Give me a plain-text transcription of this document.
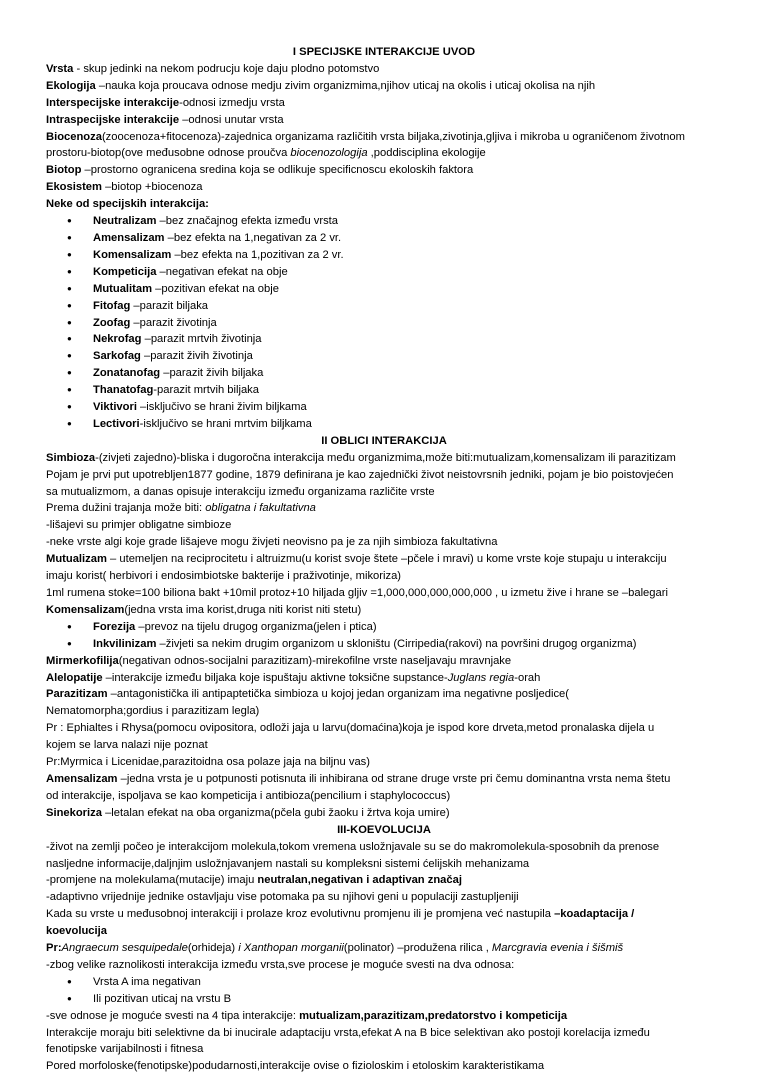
I SPECIJSKE INTERAKCIJE UVOD
Vrsta - skup jedinki na nekom podrucju koje daju plodno potomstvo
Ekologija –nauka koja proucava odnose medju zivim organizmima,njihov uticaj na okolis i uticaj okolisa na njih
Interspecijske interakcije-odnosi izmedju vrsta
Intraspecijske interakcije –odnosi unutar vrsta
Biocenoza(zoocenoza+fitocenoza)-zajednica organizama različitih vrsta biljaka,zivotinja,gljiva i mikroba u ograničenom životnom
prostoru-biotop(ove međusobne odnose proučva biocenozologija ,poddisciplina ekologije
Biotop –prostorno ogranicena sredina koja se odlikuje specificnoscu ekoloskih faktora
Ekosistem –biotop +biocenoza
Neke od specijskih interakcija:
● Neutralizam –bez značajnog efekta između vrsta
● Amensalizam –bez efekta na 1,negativan za 2 vr.
● Komensalizam –bez efekta na 1,pozitivan za 2 vr.
● Kompeticija –negativan efekat na obje
● Mutualitam –pozitivan efekat na obje
● Fitofag –parazit biljaka
● Zoofag –parazit životinja
● Nekrofag –parazit mrtvih životinja
● Sarkofag –parazit živih životinja
● Zonatanofag –parazit živih biljaka
● Thanatofag-parazit mrtvih biljaka
● Viktivori –isključivo se hrani živim biljkama
● Lectivori-isključivo se hrani mrtvim biljkama
II OBLICI INTERAKCIJA
Simbioza-(zivjeti zajedno)-bliska i dugoročna interakcija među organizmima,može biti:mutualizam,komensalizam ili parazitizam
Pojam je prvi put upotrebljen1877 godine, 1879 definirana je kao zajednički život neistovrsnih jedniki, pojam je bio poistovjećen
sa mutualizmom, a danas opisuje interakciju između organizama različite vrste
Prema dužini trajanja može biti: obligatna i fakultativna
-lišajevi su primjer obligatne simbioze
-neke vrste algi koje grade lišajeve mogu živjeti neovisno pa je za njih simbioza fakultativna
Mutualizam – utemeljen na reciprocitetu i altruizmu(u korist svoje štete –pčele i mravi) u kome vrste koje stupaju u interakciju
imaju korist( herbivori i endosimbiotske bakterije i praživotinje, mikoriza)
1ml rumena stoke=100 biliona bakt +10mil protoz+10 hiljada gljiv =1,000,000,000,000,000 , u izmetu žive i hrane se –balegari
Komensalizam(jedna vrsta ima korist,druga niti korist niti stetu)
● Forezija –prevoz na tijelu drugog organizma(jelen i ptica)
● Inkvilinizam –živjeti sa nekim drugim organizom u skloništu (Cirripedia(rakovi) na površini drugog organizma)
Mirmerkofilija(negativan odnos-socijalni parazitizam)-mirekofilne vrste naseljavaju mravnjake
Alelopatije –interakcije između biljaka koje ispuštaju aktivne toksične supstance-Juglans regia-orah
Parazitizam –antagonistička ili antipaptetička simbioza u kojoj jedan organizam ima negativne posljedice(
Nematomorpha;gordius i parazitizam legla)
Pr : Ephialtes i Rhysa(pomocu ovipositora, odloži jaja u larvu(domaćina)koja je ispod kore drveta,metod pronalaska dijela u
kojem se larva nalazi nije poznat
Pr:Myrmica i Licenidae,parazitoidna osa polaze jaja na biljnu vas)
Amensalizam –jedna vrsta je u potpunosti potisnuta ili inhibirana od strane druge vrste pri čemu dominantna vrsta nema štetu
od interakcije, ispoljava se kao kompeticija i antibioza(pencilium i staphylococcus)
Sinekoriza –letalan efekat na oba organizma(pčela gubi žaoku i žrtva koja umire)
III-KOEVOLUCIJA
-život na zemlji počeo je interakcijom molekula,tokom vremena usložnjavale su se do makromolekula-sposobnih da prenose
nasljedne informacije,daljnjim usložnjavanjem nastali su kompleksni sistemi ćelijskih mehanizama
-promjene na molekulama(mutacije) imaju neutralan,negativan i adaptivan značaj
-adaptivno vrijednije jednike ostavljaju vise potomaka pa su njihovi geni u populaciji zastupljeniji
Kada su vrste u međusobnoj interakciji i prolaze kroz evolutivnu promjenu ili je promjena već nastupila –koadaptacija /
koevolucija
Pr:Angraecum sesquipedale(orhideja) i Xanthopan morganii(polinator) –produžena rilica , Marcgravia evenia i šišmiš
-zbog velike raznolikosti interakcija između vrsta,sve procese je moguće svesti na dva odnosa:
● Vrsta A ima negativan
● Ili pozitivan uticaj na vrstu B
-sve odnose je moguće svesti na 4 tipa interakcije: mutualizam,parazitizam,predatorstvo i kompeticija
Interakcije moraju biti selektivne da bi inucirale adaptaciju vrsta,efekat A na B bice selektivan ako postoji korelacija između
fenotipske varijabilnosti i fitnesa
Pored morfoloske(fenotipske)podudarnosti,interakcije ovise o fizioloskim i etoloskim karakteristikama
